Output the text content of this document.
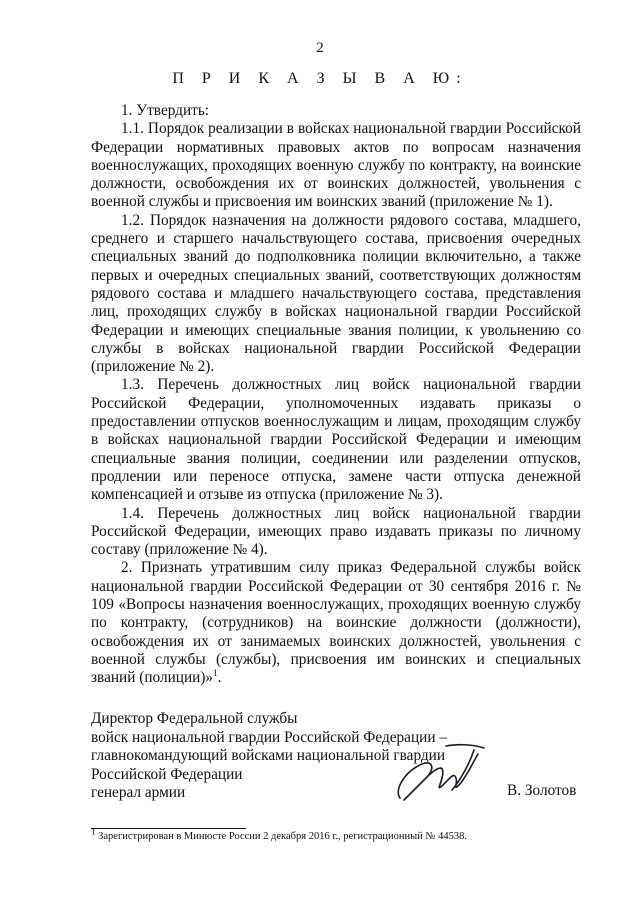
2
П Р И К А З Ы В А Ю:

1. Утвердить:

1.1. Порядок реализации в войсках национальной гвардии Российской Федерации нормативных правовых актов по вопросам назначения военнослужащих, проходящих военную службу по контракту, на воинские должности, освобождения их от воинских должностей, увольнения с военной службы и присвоения им воинских званий (приложение № 1).

1.2. Порядок назначения на должности рядового состава, младшего, среднего и старшего начальствующего состава, присвоения очередных специальных званий до подполковника полиции включительно, а также первых и очередных специальных званий, соответствующих должностям рядового состава и младшего начальствующего состава, представления лиц, проходящих службу в войсках национальной гвардии Российской Федерации и имеющих специальные звания полиции, к увольнению со службы в войсках национальной гвардии Российской Федерации (приложение № 2).

1.3. Перечень должностных лиц войск национальной гвардии Российской Федерации, уполномоченных издавать приказы о предоставлении отпусков военнослужащим и лицам, проходящим службу в войсках национальной гвардии Российской Федерации и имеющим специальные звания полиции, соединении или разделении отпусков, продлении или переносе отпуска, замене части отпуска денежной компенсацией и отзыве из отпуска (приложение № 3).

1.4. Перечень должностных лиц войск национальной гвардии Российской Федерации, имеющих право издавать приказы по личному составу (приложение № 4).

2. Признать утратившим силу приказ Федеральной службы войск национальной гвардии Российской Федерации от 30 сентября 2016 г. № 109 «Вопросы назначения военнослужащих, проходящих военную службу по контракту, (сотрудников) на воинские должности (должности), освобождения их от занимаемых воинских должностей, увольнения с военной службы (службы), присвоения им воинских и специальных званий (полиции)»$^1$.

Директор Федеральной службы
войск национальной гвардии Российской Федерации –
главнокомандующий войсками национальной гвардии
Российской Федерации
генерал армии	В. Золотов
$^1$ Зарегистрирован в Минюсте России 2 декабря 2016 г., регистрационный № 44538.
